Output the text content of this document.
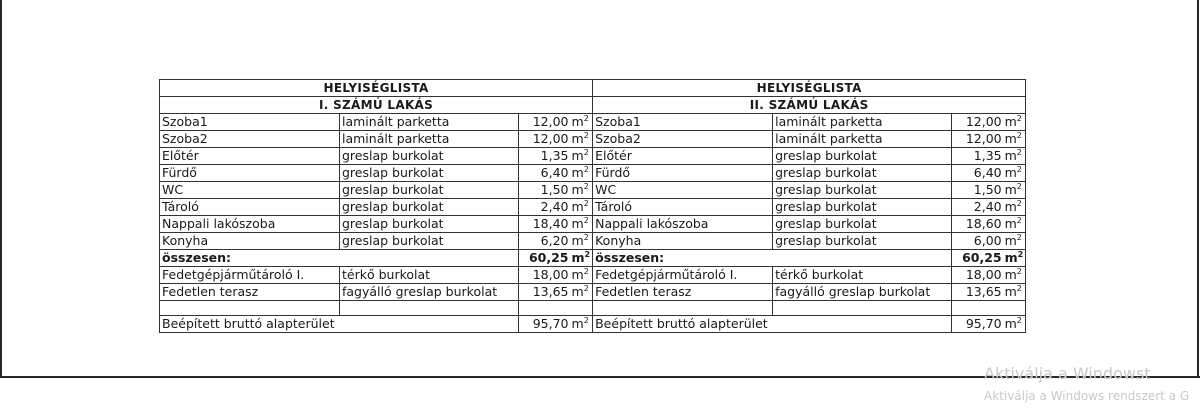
HELYISÉGLISTA				HELYISÉGLISTA			
I. SZÁMÚ LAKÁS				II. SZÁMÚ LAKÁS			
Szoba1	laminált parketta	12,00	$m^2$	Szoba1	laminált parketta	12,00	$m^2$
Szoba2	laminált parketta	12,00	$m^2$	Szoba2	laminált parketta	12,00	$m^2$
Előtér	greslap burkolat	1,35	$m^2$	Előtér	greslap burkolat	1,35	$m^2$
Fürdő	greslap burkolat	6,40	$m^2$	Fürdő	greslap burkolat	6,40	$m^2$
WC	greslap burkolat	1,50	$m^2$	WC	greslap burkolat	1,50	$m^2$
Tároló	greslap burkolat	2,40	$m^2$	Tároló	greslap burkolat	2,40	$m^2$
Nappali lakószoba	greslap burkolat	18,40	$m^2$	Nappali lakószoba	greslap burkolat	18,60	$m^2$
Konyha	greslap burkolat	6,20	$m^2$	Konyha	greslap burkolat	6,00	$m^2$
összesen:		60,25	$m^2$	összesen:		60,25	$m^2$
Fedetgépjárműtároló I.	térkő burkolat	18,00	$m^2$	Fedetgépjárműtároló I.	térkő burkolat	18,00	$m^2$
Fedetlen terasz	fagyálló greslap burkolat	13,65	$m^2$	Fedetlen terasz	fagyálló greslap burkolat	13,65	$m^2$

Beépített bruttó alapterület		95,70	$m^2$	Beépített bruttó alapterület		95,70	$m^2$
Aktiválja a Windowst
Aktiválja a Windows rendszert a G
